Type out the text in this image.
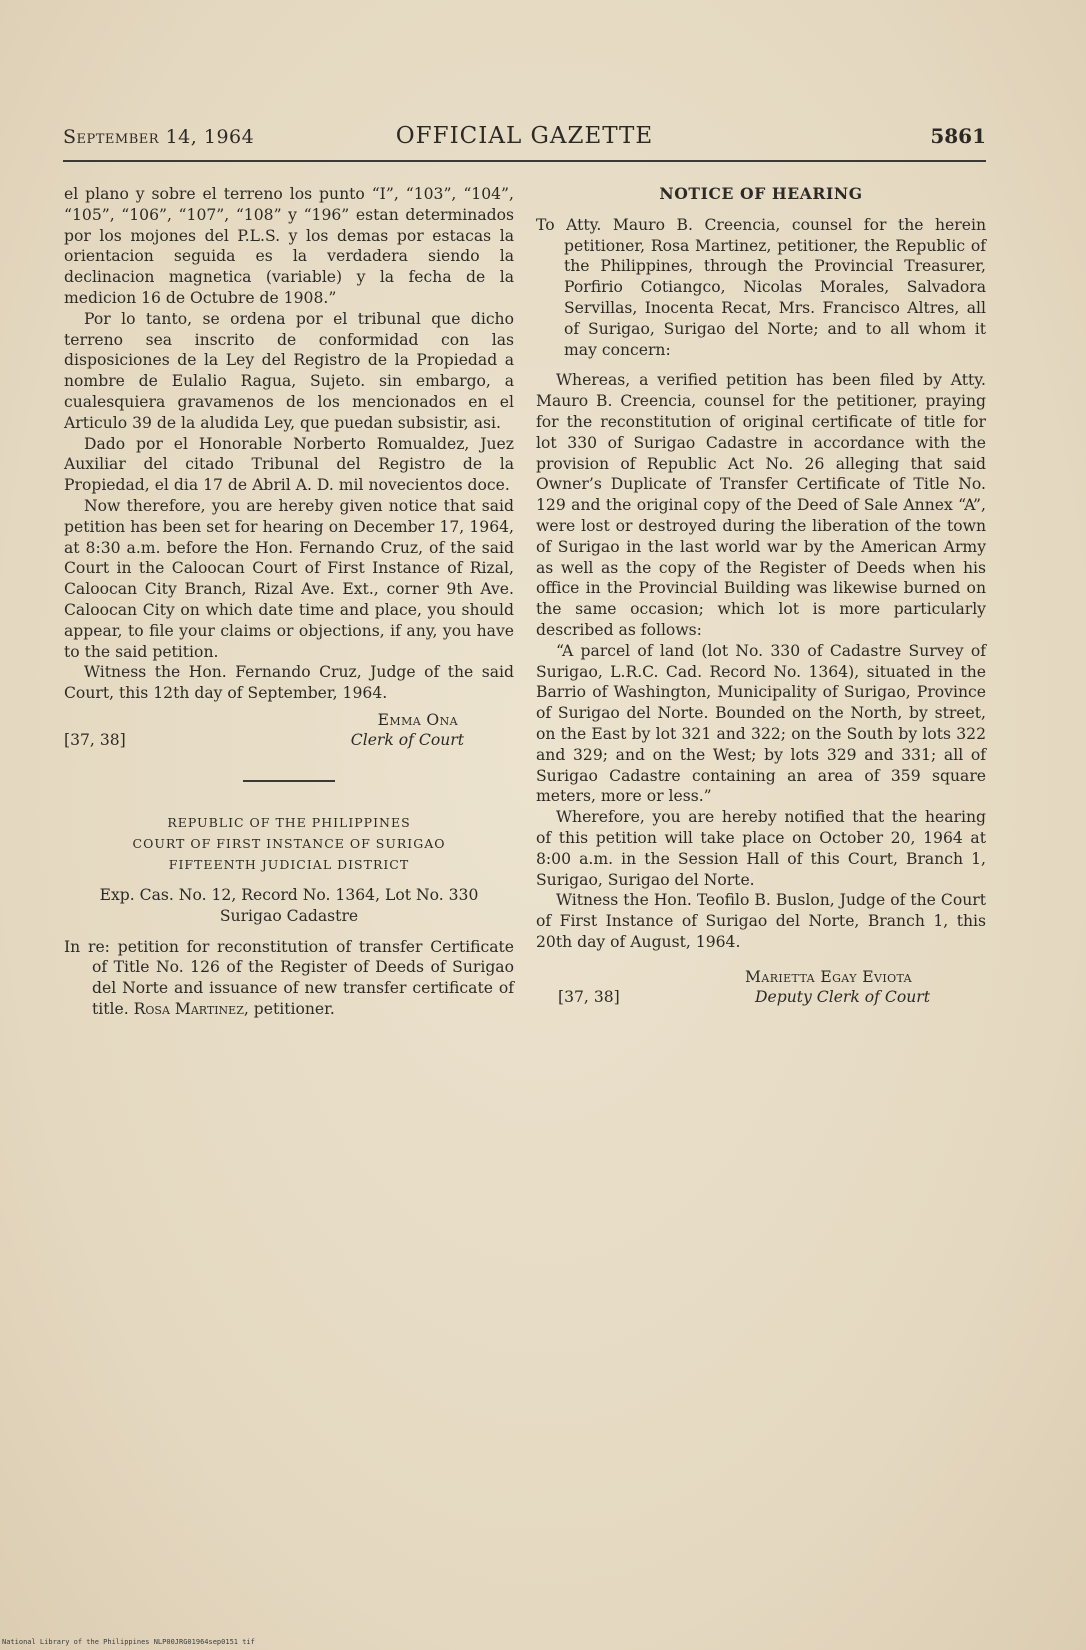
September 14, 1964	OFFICIAL GAZETTE	5861

el plano y sobre el terreno los punto “I”, “103”, “104”, “105”, “106”, “107”, “108” y “196” estan determinados por los mojones del P.L.S. y los demas por estacas la orientacion seguida es la verdadera siendo la declinacion magnetica (variable) y la fecha de la medicion 16 de Octubre de 1908.”

Por lo tanto, se ordena por el tribunal que dicho terreno sea inscrito de conformidad con las disposiciones de la Ley del Registro de la Propiedad a nombre de Eulalio Ragua, Sujeto. sin embargo, a cualesquiera gravamenos de los mencionados en el Articulo 39 de la aludida Ley, que puedan subsistir, asi.

Dado por el Honorable Norberto Romualdez, Juez Auxiliar del citado Tribunal del Registro de la Propiedad, el dia 17 de Abril A. D. mil novecientos doce.

Now therefore, you are hereby given notice that said petition has been set for hearing on December 17, 1964, at 8:30 a.m. before the Hon. Fernando Cruz, of the said Court in the Caloocan Court of First Instance of Rizal, Caloocan City Branch, Rizal Ave. Ext., corner 9th Ave. Caloocan City on which date time and place, you should appear, to file your claims or objections, if any, you have to the said petition.

Witness the Hon. Fernando Cruz, Judge of the said Court, this 12th day of September, 1964.

Emma Ona
Clerk of Court
[37, 38]
REPUBLIC OF THE PHILIPPINES
COURT OF FIRST INSTANCE OF SURIGAO
FIFTEENTH JUDICIAL DISTRICT

Exp. Cas. No. 12, Record No. 1364, Lot No. 330
Surigao Cadastre

In re: petition for reconstitution of transfer Certificate of Title No. 126 of the Register of Deeds of Surigao del Norte and issuance of new transfer certificate of title. Rosa Martinez, petitioner.

NOTICE OF HEARING

To Atty. Mauro B. Creencia, counsel for the herein petitioner, Rosa Martinez, petitioner, the Republic of the Philippines, through the Provincial Treasurer, Porfirio Cotiangco, Nicolas Morales, Salvadora Servillas, Inocenta Recat, Mrs. Francisco Altres, all of Surigao, Surigao del Norte; and to all whom it may concern:

Whereas, a verified petition has been filed by Atty. Mauro B. Creencia, counsel for the petitioner, praying for the reconstitution of original certificate of title for lot 330 of Surigao Cadastre in accordance with the provision of Republic Act No. 26 alleging that said Owner’s Duplicate of Transfer Certificate of Title No. 129 and the original copy of the Deed of Sale Annex “A”, were lost or destroyed during the liberation of the town of Surigao in the last world war by the American Army as well as the copy of the Register of Deeds when his office in the Provincial Building was likewise burned on the same occasion; which lot is more particularly described as follows:

“A parcel of land (lot No. 330 of Cadastre Survey of Surigao, L.R.C. Cad. Record No. 1364), situated in the Barrio of Washington, Municipality of Surigao, Province of Surigao del Norte. Bounded on the North, by street, on the East by lot 321 and 322; on the South by lots 322 and 329; and on the West; by lots 329 and 331; all of Surigao Cadastre containing an area of 359 square meters, more or less.”

Wherefore, you are hereby notified that the hearing of this petition will take place on October 20, 1964 at 8:00 a.m. in the Session Hall of this Court, Branch 1, Surigao, Surigao del Norte.

Witness the Hon. Teofilo B. Buslon, Judge of the Court of First Instance of Surigao del Norte, Branch 1, this 20th day of August, 1964.

Marietta Egay Eviota
Deputy Clerk of Court
[37, 38]
National Library of the Philippines NLP00JRG01964sep0151 tif
